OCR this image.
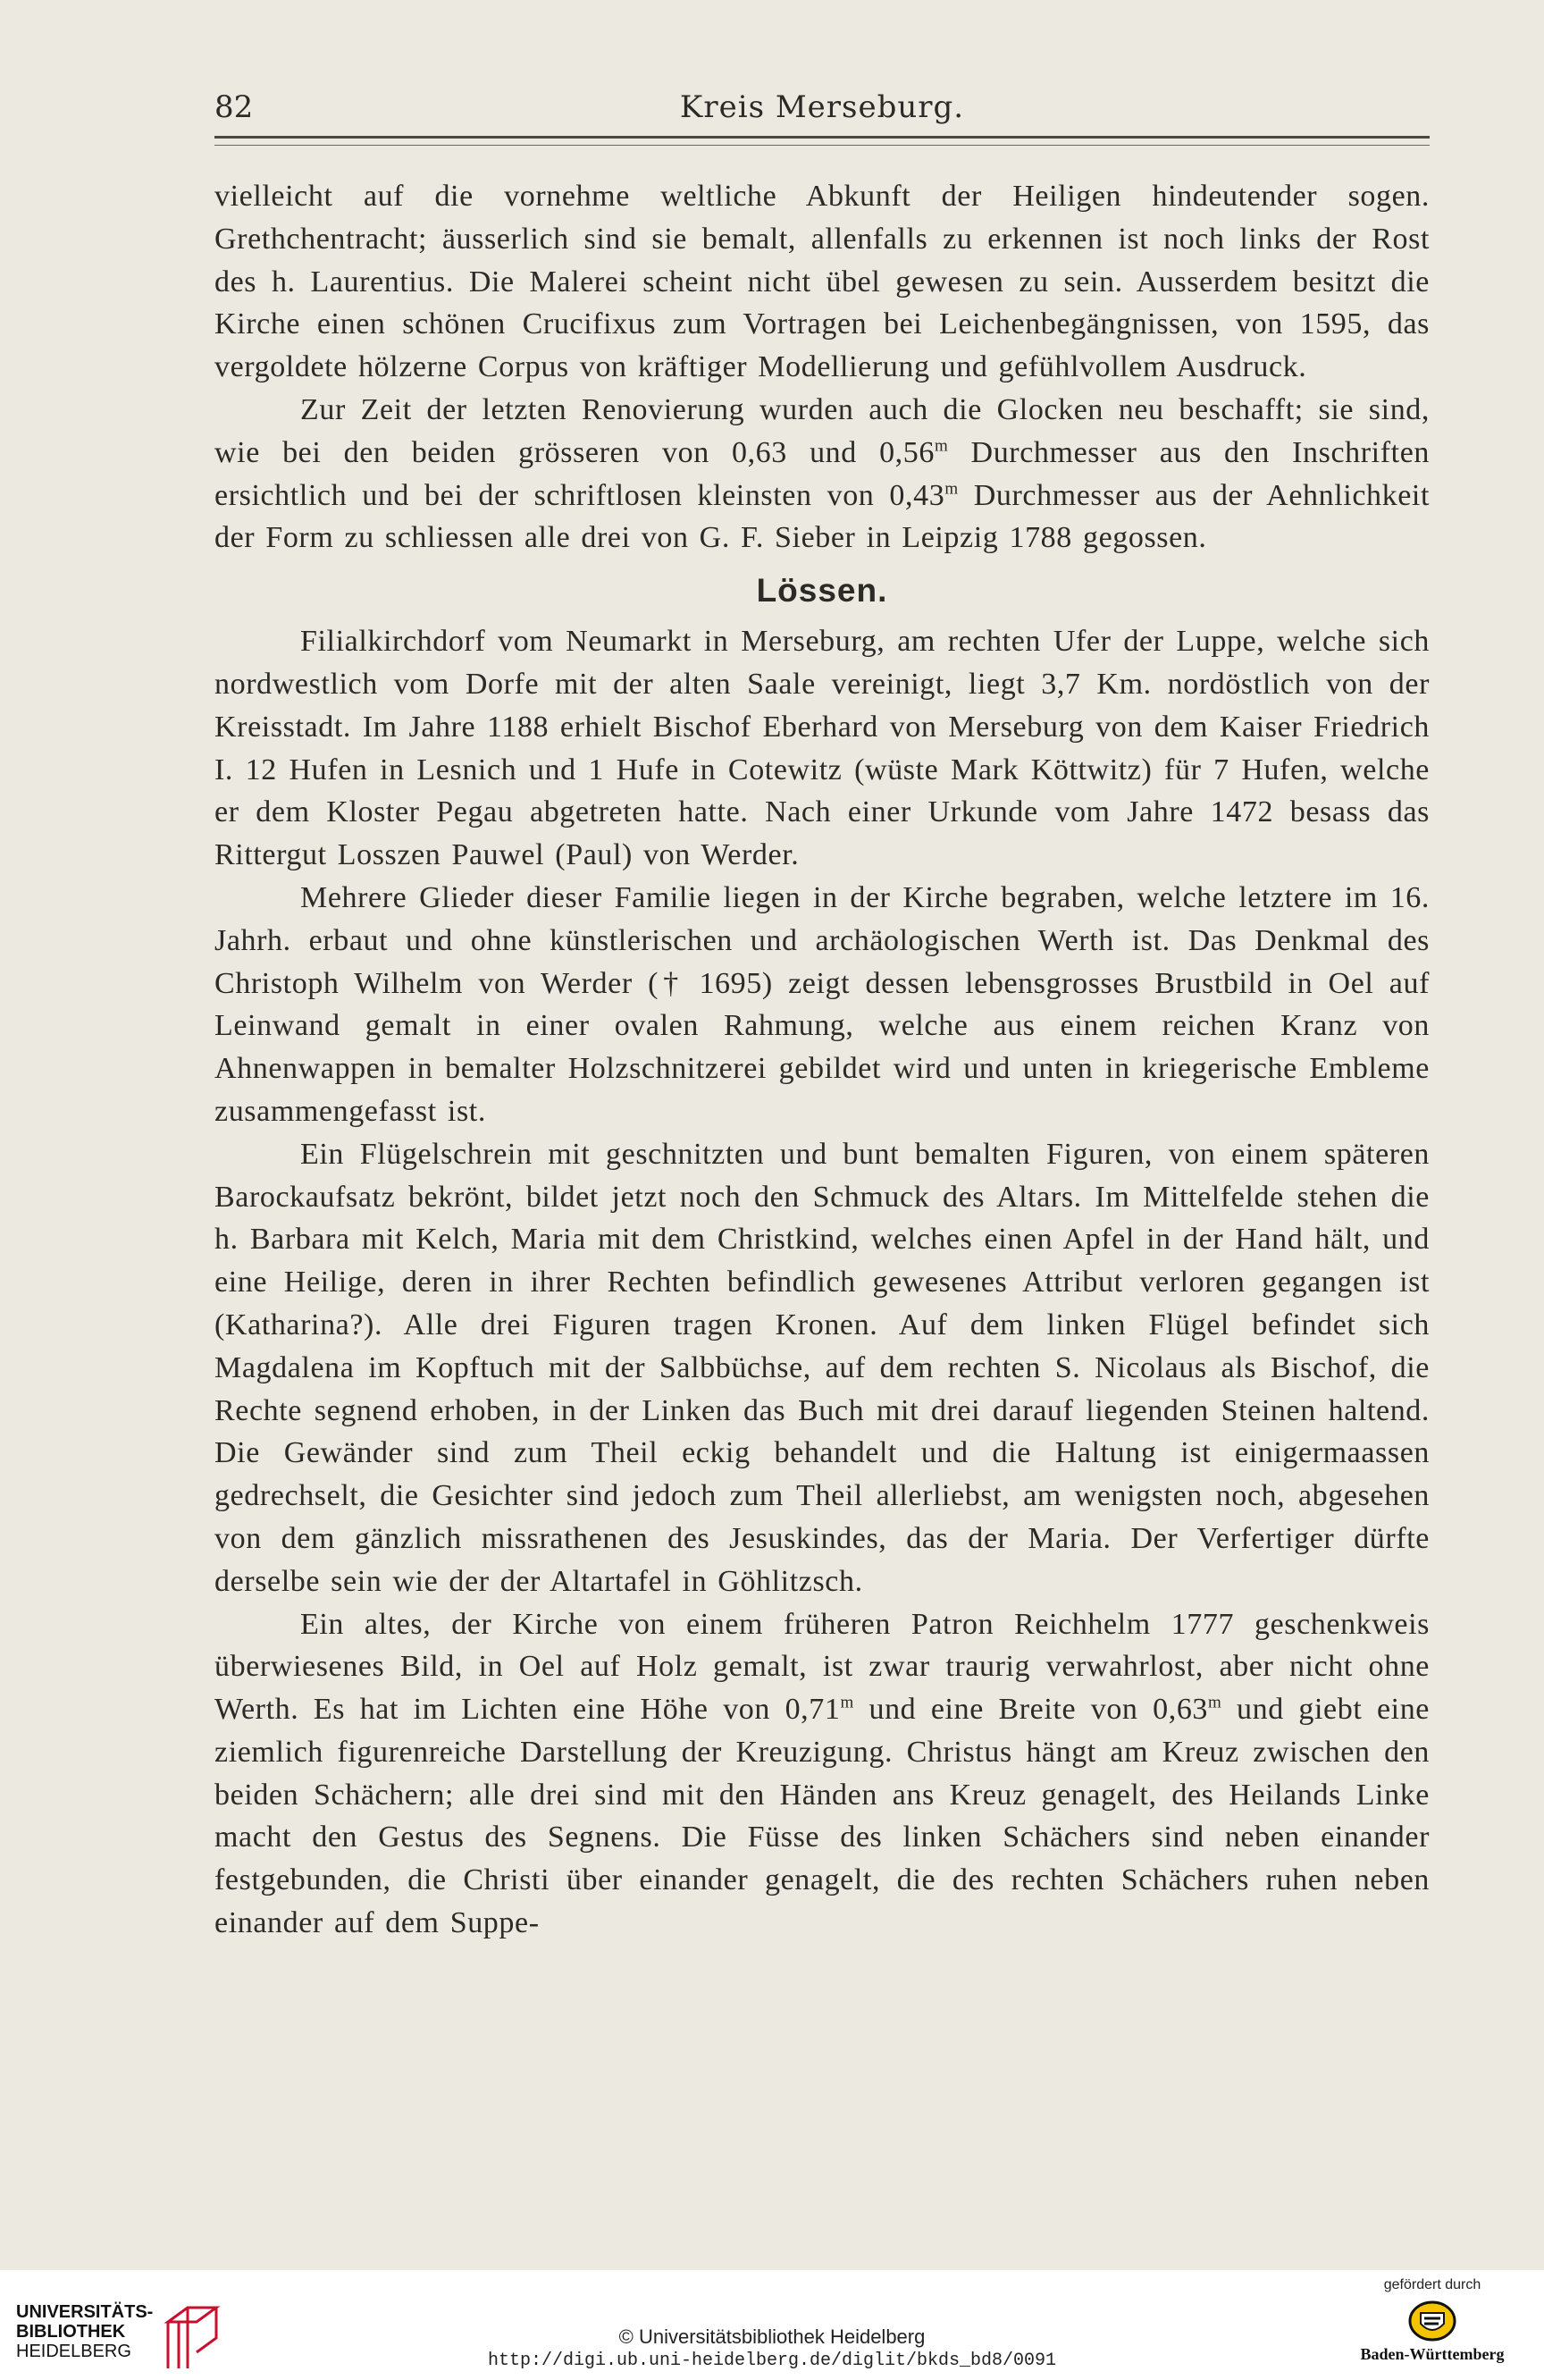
82	Kreis Merseburg.

vielleicht auf die vornehme weltliche Abkunft der Heiligen hindeutender sogen. Grethchentracht; äusserlich sind sie bemalt, allenfalls zu erkennen ist noch links der Rost des h. Laurentius. Die Malerei scheint nicht übel gewesen zu sein. Ausserdem besitzt die Kirche einen schönen Crucifixus zum Vortragen bei Leichenbegängnissen, von 1595, das vergoldete hölzerne Corpus von kräftiger Modellierung und gefühlvollem Ausdruck.

Zur Zeit der letzten Renovierung wurden auch die Glocken neu beschafft; sie sind, wie bei den beiden grösseren von 0,63 und 0,56$^m$ Durchmesser aus den Inschriften ersichtlich und bei der schriftlosen kleinsten von 0,43$^m$ Durchmesser aus der Aehnlichkeit der Form zu schliessen alle drei von G. F. Sieber in Leipzig 1788 gegossen.

Lössen.

Filialkirchdorf vom Neumarkt in Merseburg, am rechten Ufer der Luppe, welche sich nordwestlich vom Dorfe mit der alten Saale vereinigt, liegt 3,7 Km. nordöstlich von der Kreisstadt. Im Jahre 1188 erhielt Bischof Eberhard von Merseburg von dem Kaiser Friedrich I. 12 Hufen in Lesnich und 1 Hufe in Cotewitz (wüste Mark Köttwitz) für 7 Hufen, welche er dem Kloster Pegau abgetreten hatte. Nach einer Urkunde vom Jahre 1472 besass das Rittergut Losszen Pauwel (Paul) von Werder.

Mehrere Glieder dieser Familie liegen in der Kirche begraben, welche letztere im 16. Jahrh. erbaut und ohne künstlerischen und archäologischen Werth ist. Das Denkmal des Christoph Wilhelm von Werder († 1695) zeigt dessen lebensgrosses Brustbild in Oel auf Leinwand gemalt in einer ovalen Rahmung, welche aus einem reichen Kranz von Ahnenwappen in bemalter Holzschnitzerei gebildet wird und unten in kriegerische Embleme zusammengefasst ist.

Ein Flügelschrein mit geschnitzten und bunt bemalten Figuren, von einem späteren Barockaufsatz bekrönt, bildet jetzt noch den Schmuck des Altars. Im Mittelfelde stehen die h. Barbara mit Kelch, Maria mit dem Christkind, welches einen Apfel in der Hand hält, und eine Heilige, deren in ihrer Rechten befindlich gewesenes Attribut verloren gegangen ist (Katharina?). Alle drei Figuren tragen Kronen. Auf dem linken Flügel befindet sich Magdalena im Kopftuch mit der Salbbüchse, auf dem rechten S. Nicolaus als Bischof, die Rechte segnend erhoben, in der Linken das Buch mit drei darauf liegenden Steinen haltend. Die Gewänder sind zum Theil eckig behandelt und die Haltung ist einigermaassen gedrechselt, die Gesichter sind jedoch zum Theil allerliebst, am wenigsten noch, abgesehen von dem gänzlich missrathenen des Jesuskindes, das der Maria. Der Verfertiger dürfte derselbe sein wie der der Altartafel in Göhlitzsch.

Ein altes, der Kirche von einem früheren Patron Reichhelm 1777 geschenkweis überwiesenes Bild, in Oel auf Holz gemalt, ist zwar traurig verwahrlost, aber nicht ohne Werth. Es hat im Lichten eine Höhe von 0,71$^m$ und eine Breite von 0,63$^m$ und giebt eine ziemlich figurenreiche Darstellung der Kreuzigung. Christus hängt am Kreuz zwischen den beiden Schächern; alle drei sind mit den Händen ans Kreuz genagelt, des Heilands Linke macht den Gestus des Segnens. Die Füsse des linken Schächers sind neben einander festgebunden, die Christi über einander genagelt, die des rechten Schächers ruhen neben einander auf dem Suppe-

UNIVERSITÄTS-
BIBLIOTHEK
HEIDELBERG
© Universitätsbibliothek Heidelberg
http://digi.ub.uni-heidelberg.de/diglit/bkds_bd8/0091
gefördert durch
Baden-Württemberg
